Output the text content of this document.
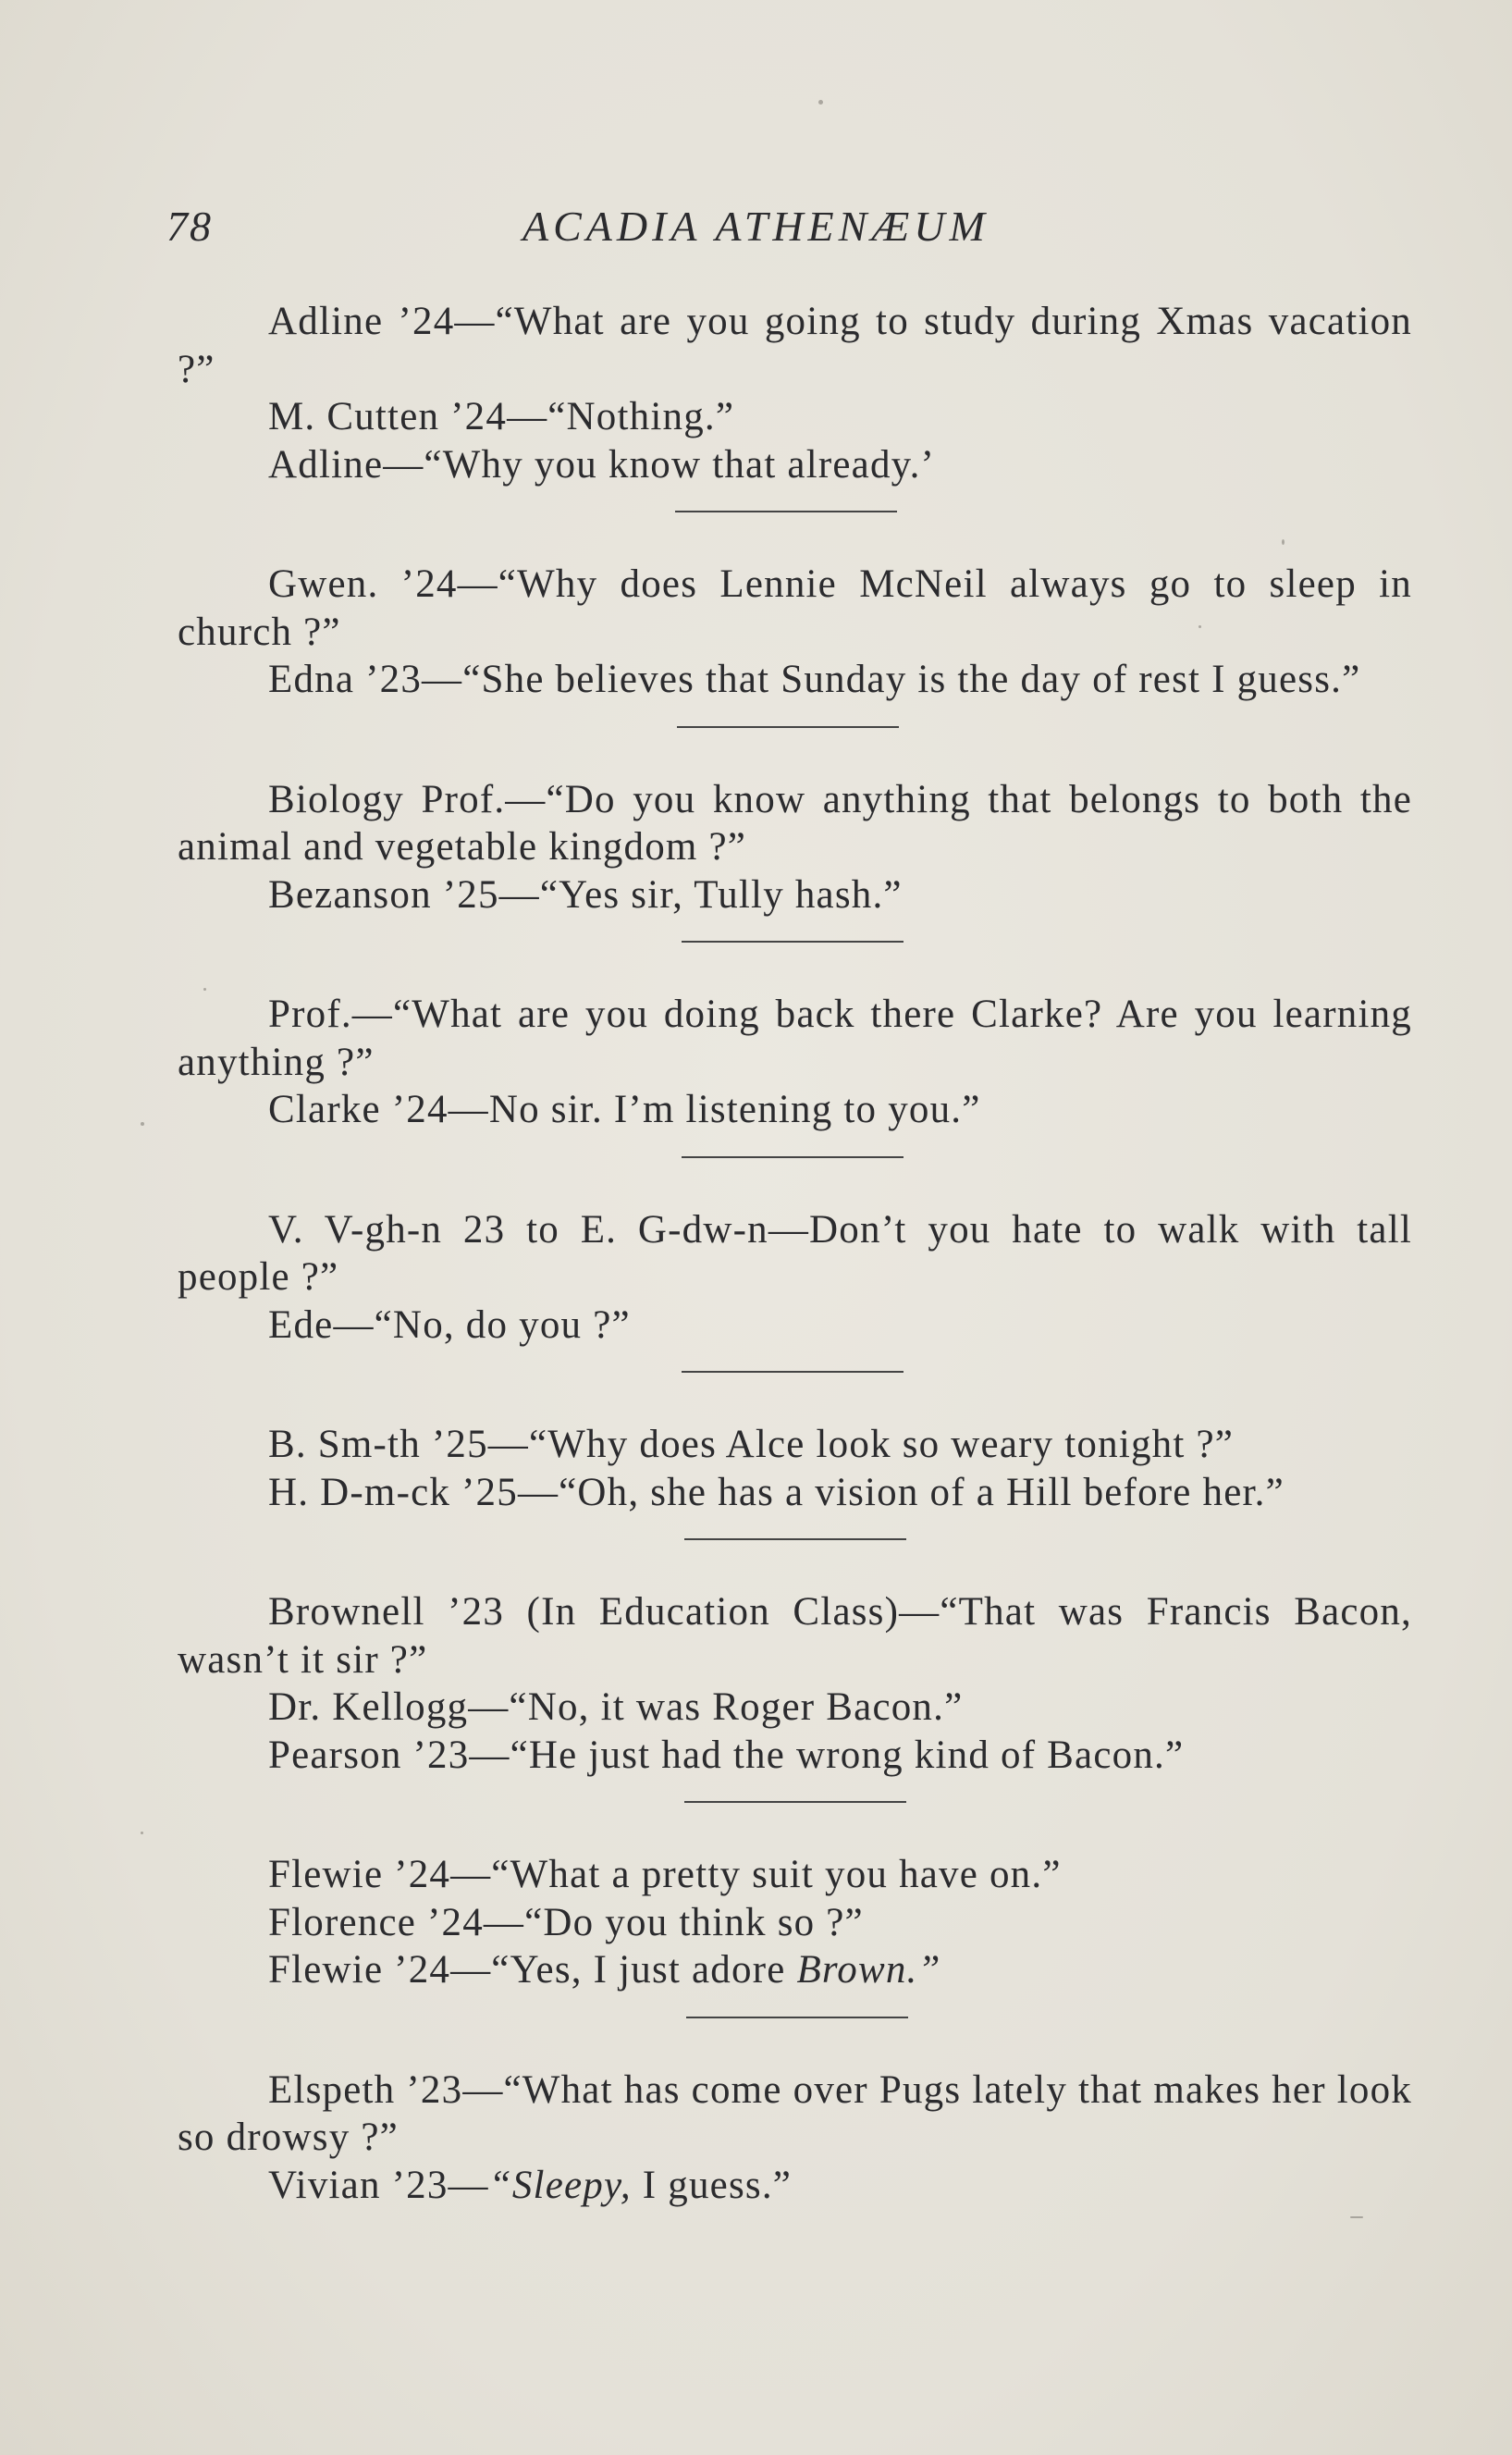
78	ACADIA ATHENÆUM

Adline ’24—“What are you going to study during Xmas vacation ?”

M. Cutten ’24—“Nothing.”

Adline—“Why you know that already.’

Gwen. ’24—“Why does Lennie McNeil always go to sleep in church ?”

Edna ’23—“She believes that Sunday is the day of rest I guess.”

Biology Prof.—“Do you know anything that belongs to both the animal and vegetable kingdom ?”

Bezanson ’25—“Yes sir, Tully hash.”

Prof.—“What are you doing back there Clarke? Are you learning anything ?”

Clarke ’24—No sir. I’m listening to you.”

V. V-gh-n 23 to E. G-dw-n—Don’t you hate to walk with tall people ?”

Ede—“No, do you ?”

B. Sm-th ’25—“Why does Alce look so weary tonight ?”

H. D-m-ck ’25—“Oh, she has a vision of a Hill before her.”

Brownell ’23 (In Education Class)—“That was Francis Bacon, wasn’t it sir ?”

Dr. Kellogg—“No, it was Roger Bacon.”

Pearson ’23—“He just had the wrong kind of Bacon.”

Flewie ’24—“What a pretty suit you have on.”

Florence ’24—“Do you think so ?”

Flewie ’24—“Yes, I just adore Brown.”

Elspeth ’23—“What has come over Pugs lately that makes her look so drowsy ?”

Vivian ’23—“Sleepy, I guess.”
